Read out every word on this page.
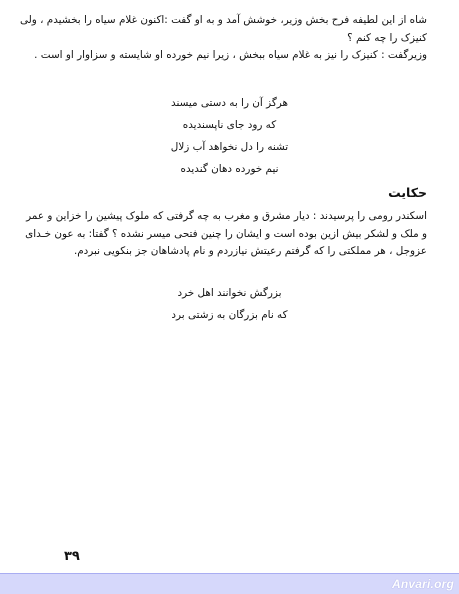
شاه از این لطیفه فرح بخش وزیر، خوشش آمد و به او گفت :اکنون غلام سیاه را بخشیدم ، ولی
کنیزک را چه کنم ؟
وزیرگفت : کنیزک را نیز به غلام سیاه ببخش ، زیرا نیم خورده او شایسته و سزاوار او است .
هرگز آن را به دستی میسند
که رود جای ناپسندیده
تشنه را دل نخواهد آب زلال
نیم خورده دهان گندیده
حکایت
اسکندر رومی را پرسیدند : دیار مشرق و مغرب به چه گرفتی که ملوک پیشین را خزاین و عمر
و ملک و لشکر بیش ازین بوده است و ایشان را چنین فتحی میسر نشده ؟ گفتا: به عون خـدای
عزوجل ، هر مملکتی را که گرفتم رعیتش نیازردم و نام پادشاهان جز بنکویی نبردم.
بزرگش نخوانند اهل خرد
که نام بزرگان به زشتی برد
۳۹
Anvari.org
